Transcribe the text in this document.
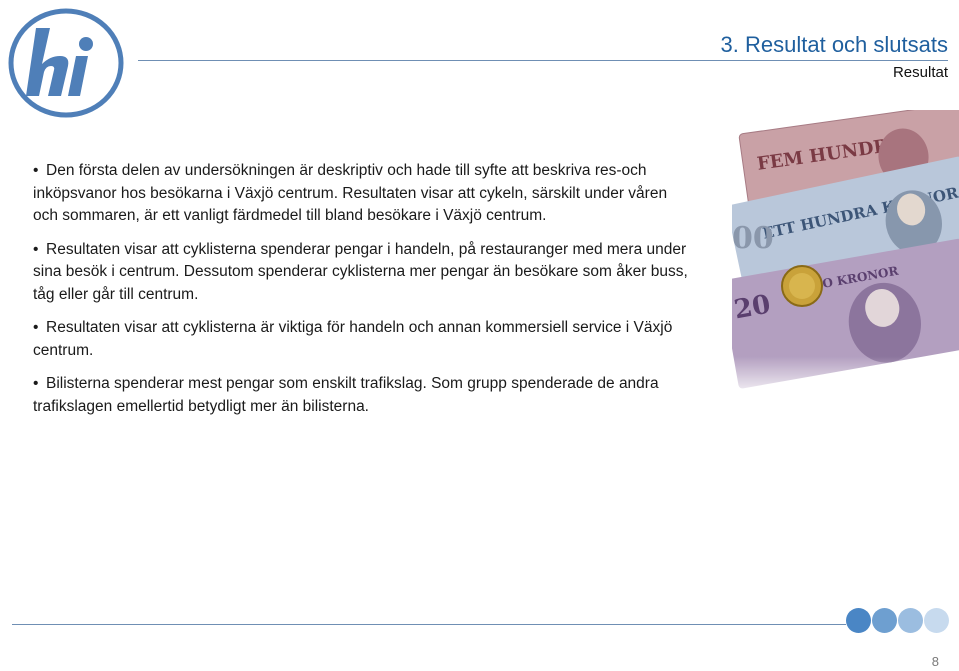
hi
3. Resultat och slutsats
Resultat

• Den första delen av undersökningen är deskriptiv och hade till syfte att beskriva res-och inköpsvanor hos besökarna i Växjö centrum. Resultaten visar att cykeln, särskilt under våren och sommaren, är ett vanligt färdmedel till bland besökare i Växjö centrum.

• Resultaten visar att cyklisterna spenderar pengar i handeln, på restauranger med mera under sina besök i centrum. Dessutom spenderar cyklisterna mer pengar än besökare som åker buss, tåg eller går till centrum.

• Resultaten visar att cyklisterna är viktiga för handeln och annan kommersiell service i Växjö centrum.

• Bilisterna spenderar mest pengar som enskilt trafikslag. Som grupp spenderade de andra trafikslagen emellertid betydligt mer än bilisterna.

8
